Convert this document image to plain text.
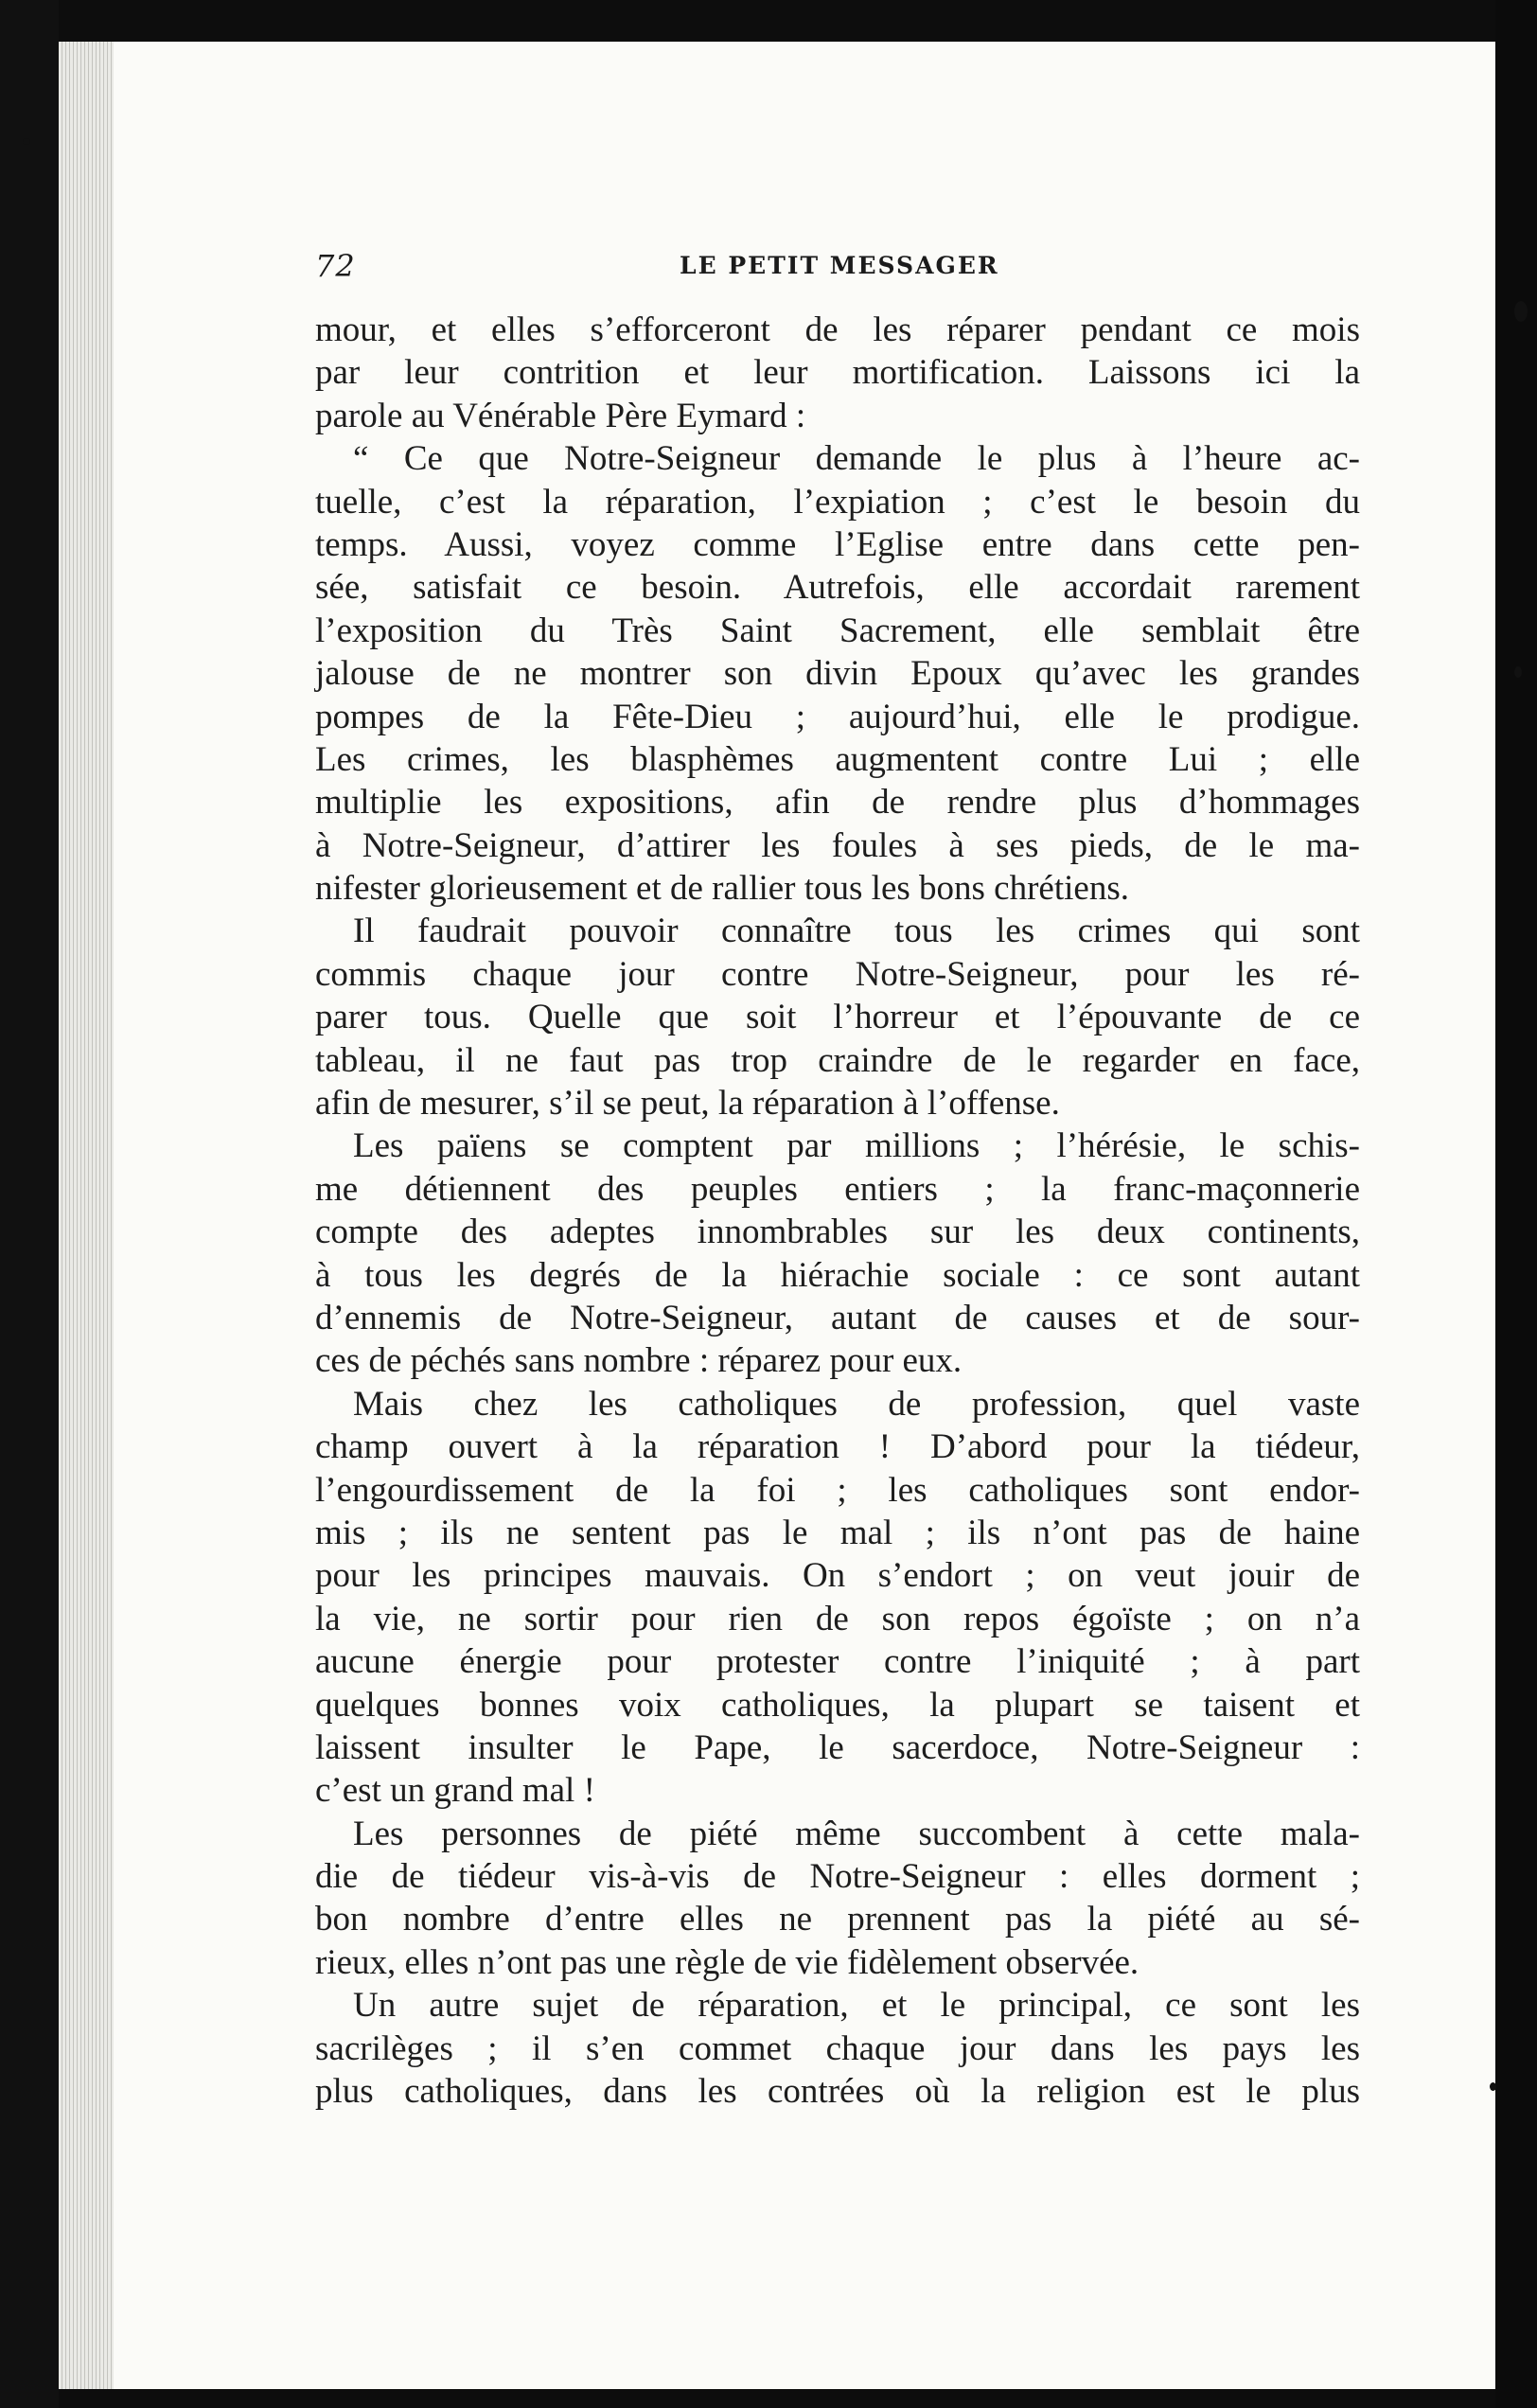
72	LE PETIT MESSAGER
mour, et elles s’efforceront de les réparer pendant ce mois
par leur contrition et leur mortification. Laissons ici la
parole au Vénérable Père Eymard :
“ Ce que Notre-Seigneur demande le plus à l’heure ac-
tuelle, c’est la réparation, l’expiation ; c’est le besoin du
temps. Aussi, voyez comme l’Eglise entre dans cette pen-
sée, satisfait ce besoin. Autrefois, elle accordait rarement
l’exposition du Très Saint Sacrement, elle semblait être
jalouse de ne montrer son divin Epoux qu’avec les grandes
pompes de la Fête-Dieu ; aujourd’hui, elle le prodigue.
Les crimes, les blasphèmes augmentent contre Lui ; elle
multiplie les expositions, afin de rendre plus d’hommages
à Notre-Seigneur, d’attirer les foules à ses pieds, de le ma-
nifester glorieusement et de rallier tous les bons chrétiens.
Il faudrait pouvoir connaître tous les crimes qui sont
commis chaque jour contre Notre-Seigneur, pour les ré-
parer tous. Quelle que soit l’horreur et l’épouvante de ce
tableau, il ne faut pas trop craindre de le regarder en face,
afin de mesurer, s’il se peut, la réparation à l’offense.
Les païens se comptent par millions ; l’hérésie, le schis-
me détiennent des peuples entiers ; la franc-maçonnerie
compte des adeptes innombrables sur les deux continents,
à tous les degrés de la hiérachie sociale : ce sont autant
d’ennemis de Notre-Seigneur, autant de causes et de sour-
ces de péchés sans nombre : réparez pour eux.
Mais chez les catholiques de profession, quel vaste
champ ouvert à la réparation ! D’abord pour la tiédeur,
l’engourdissement de la foi ; les catholiques sont endor-
mis ; ils ne sentent pas le mal ; ils n’ont pas de haine
pour les principes mauvais. On s’endort ; on veut jouir de
la vie, ne sortir pour rien de son repos égoïste ; on n’a
aucune énergie pour protester contre l’iniquité ; à part
quelques bonnes voix catholiques, la plupart se taisent et
laissent insulter le Pape, le sacerdoce, Notre-Seigneur :
c’est un grand mal !
Les personnes de piété même succombent à cette mala-
die de tiédeur vis-à-vis de Notre-Seigneur : elles dorment ;
bon nombre d’entre elles ne prennent pas la piété au sé-
rieux, elles n’ont pas une règle de vie fidèlement observée.
Un autre sujet de réparation, et le principal, ce sont les
sacrilèges ; il s’en commet chaque jour dans les pays les
plus catholiques, dans les contrées où la religion est le plus
